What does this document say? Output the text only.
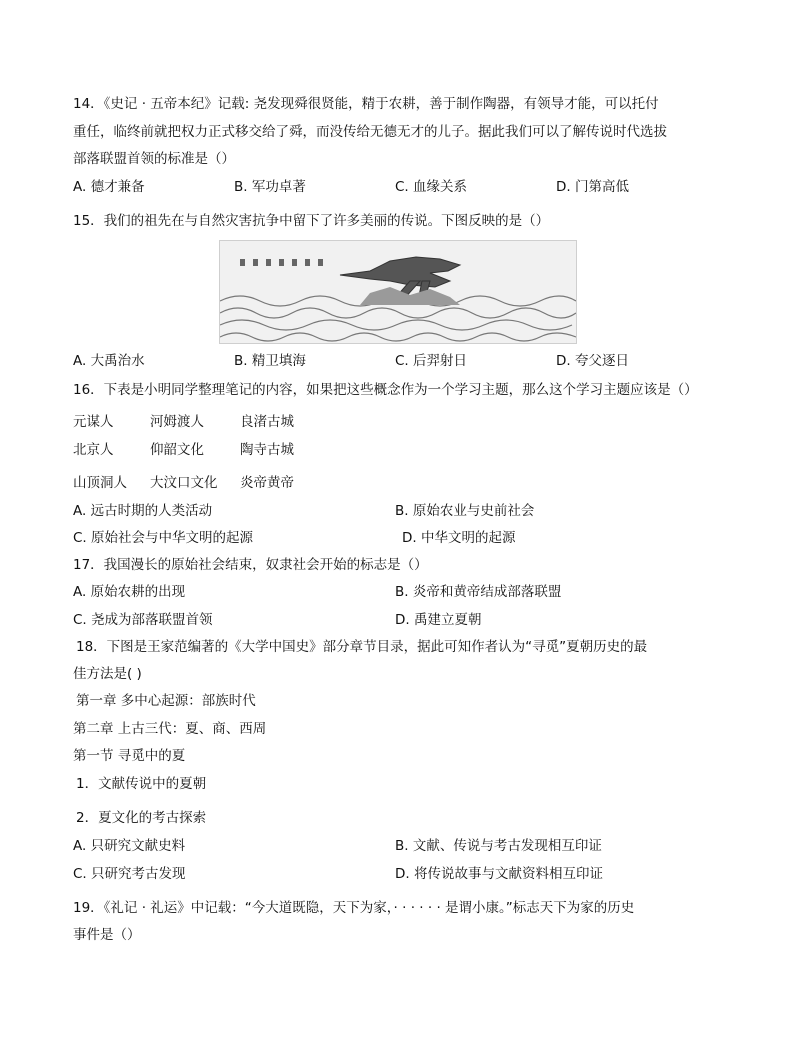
14．《史记 · 五帝本纪》记载: 尧发现舜很贤能，精于农耕，善于制作陶器，有领导才能，可以托付
重任，临终前就把权力正式移交给了舜，而没传给无德无才的儿子。据此我们可以了解传说时代选拔
部落联盟首领的标准是（）
A. 德才兼备	B. 军功卓著	C. 血缘关系	D. 门第高低
15．我们的祖先在与自然灾害抗争中留下了许多美丽的传说。下图反映的是（）
A. 大禹治水	B. 精卫填海	C. 后羿射日	D. 夸父逐日
16．下表是小明同学整理笔记的内容，如果把这些概念作为一个学习主题，那么这个学习主题应该是（）
元谋人	河姆渡人	良渚古城
北京人	仰韶文化	陶寺古城
山顶洞人 大汶口文化 炎帝黄帝
A. 远古时期的人类活动	B. 原始农业与史前社会
C. 原始社会与中华文明的起源	D. 中华文明的起源
17．我国漫长的原始社会结束，奴隶社会开始的标志是（）
A. 原始农耕的出现	B. 炎帝和黄帝结成部落联盟
C. 尧成为部落联盟首领	D. 禹建立夏朝
18．下图是王家范编著的《大学中国史》部分章节目录，据此可知作者认为“寻觅”夏朝历史的最
佳方法是( )
第一章 多中心起源：部族时代
第二章 上古三代：夏、商、西周
第一节 寻觅中的夏
1．文献传说中的夏朝
2．夏文化的考古探索
A. 只研究文献史料	B. 文献、传说与考古发现相互印证
C. 只研究考古发现	D. 将传说故事与文献资料相互印证
19．《礼记 · 礼运》中记载：“今大道既隐，天下为家，· · · · · · 是谓小康。”标志天下为家的历史
事件是（）
